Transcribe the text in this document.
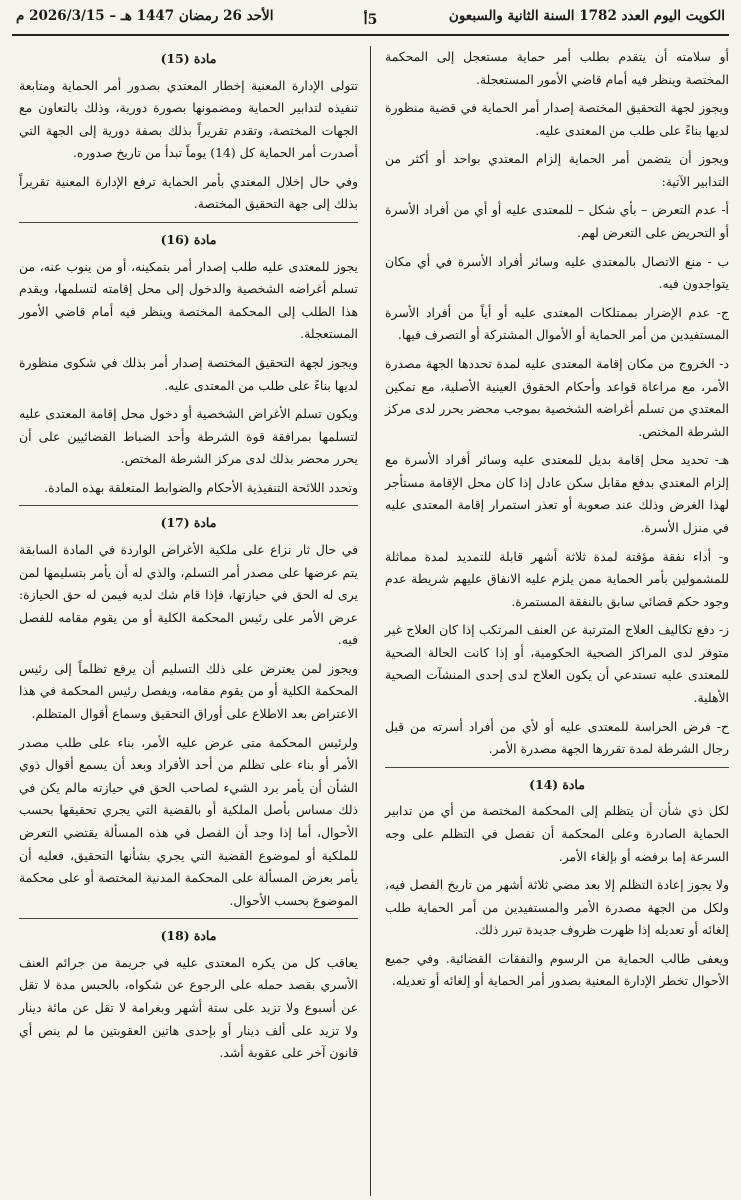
الكويت اليوم العدد 1782 السنة الثانية والسبعون
5أ
الأحد 26 رمضان 1447 هـ – 2026/3/15 م

أو سلامته أن يتقدم بطلب أمر حماية مستعجل إلى المحكمة المختصة وينظر فيه أمام قاضي الأمور المستعجلة.

ويجوز لجهة التحقيق المختصة إصدار أمر الحماية في قضية منظورة لديها بناءً على طلب من المعتدى عليه.

ويجوز أن يتضمن أمر الحماية إلزام المعتدي بواحد أو أكثر من التدابير الآتية:

أ- عدم التعرض – بأي شكل – للمعتدى عليه أو أي من أفراد الأسرة أو التحريض على التعرض لهم.

ب - منع الاتصال بالمعتدى عليه وسائر أفراد الأسرة في أي مكان يتواجدون فيه.

ج- عدم الإضرار بممتلكات المعتدى عليه أو أياً من أفراد الأسرة المستفيدين من أمر الحماية أو الأموال المشتركة أو التصرف فيها.

د- الخروج من مكان إقامة المعتدى عليه لمدة تحددها الجهة مصدرة الأمر، مع مراعاة قواعد وأحكام الحقوق العينية الأصلية، مع تمكين المعتدي من تسلم أغراضه الشخصية بموجب محضر يحرر لدى مركز الشرطة المختص.

هـ- تحديد محل إقامة بديل للمعتدى عليه وسائر أفراد الأسرة مع إلزام المعتدي بدفع مقابل سكن عادل إذا كان محل الإقامة مستأجر لهذا الغرض وذلك عند صعوبة أو تعذر استمرار إقامة المعتدى عليه في منزل الأسرة.

و- أداء نفقة مؤقتة لمدة ثلاثة أشهر قابلة للتمديد لمدة مماثلة للمشمولين بأمر الحماية ممن يلزم عليه الانفاق عليهم شريطة عدم وجود حكم قضائي سابق بالنفقة المستمرة.

ز- دفع تكاليف العلاج المترتبة عن العنف المرتكب إذا كان العلاج غير متوفر لدى المراكز الصحية الحكومية، أو إذا كانت الحالة الصحية للمعتدى عليه تستدعي أن يكون العلاج لدى إحدى المنشآت الصحية الأهلية.

ح- فرض الحراسة للمعتدى عليه أو لأي من أفراد أسرته من قبل رجال الشرطة لمدة تقررها الجهة مصدرة الأمر.

مادة (14)

لكل ذي شأن أن يتظلم إلى المحكمة المختصة من أي من تدابير الحماية الصادرة وعلى المحكمة أن تفصل في التظلم على وجه السرعة إما برفضه أو بإلغاء الأمر.

ولا يجوز إعادة التظلم إلا بعد مضي ثلاثة أشهر من تاريخ الفصل فيه، ولكل من الجهة مصدرة الأمر والمستفيدين من أمر الحماية طلب إلغائه أو تعديله إذا ظهرت ظروف جديدة تبرر ذلك.

ويعفى طالب الحماية من الرسوم والنفقات القضائية. وفي جميع الأحوال تخطر الإدارة المعنية بصدور أمر الحماية أو إلغائه أو تعديله.

مادة (15)

تتولى الإدارة المعنية إخطار المعتدي بصدور أمر الحماية ومتابعة تنفيذه لتدابير الحماية ومضمونها بصورة دورية، وذلك بالتعاون مع الجهات المختصة، وتقدم تقريراً بذلك بصفة دورية إلى الجهة التي أصدرت أمر الحماية كل (14) يوماً تبدأ من تاريخ صدوره.

وفي حال إخلال المعتدي بأمر الحماية ترفع الإدارة المعنية تقريراً بذلك إلى جهة التحقيق المختصة.

مادة (16)

يجوز للمعتدى عليه طلب إصدار أمر بتمكينه، أو من ينوب عنه، من تسلم أغراضه الشخصية والدخول إلى محل إقامته لتسلمها، ويقدم هذا الطلب إلى المحكمة المختصة وينظر فيه أمام قاضي الأمور المستعجلة.

ويجوز لجهة التحقيق المختصة إصدار أمر بذلك في شكوى منظورة لديها بناءً على طلب من المعتدى عليه.

ويكون تسلم الأغراض الشخصية أو دخول محل إقامة المعتدى عليه لتسلمها بمرافقة قوة الشرطة وأحد الضباط القضائيين على أن يحرر محضر بذلك لدى مركز الشرطة المختص.

وتحدد اللائحة التنفيذية الأحكام والضوابط المتعلقة بهذه المادة.

مادة (17)

في حال ثار نزاع على ملكية الأغراض الواردة في المادة السابقة يتم عرضها على مصدر أمر التسلم، والذي له أن يأمر بتسليمها لمن يرى له الحق في حيازتها، فإذا قام شك لديه فيمن له حق الحيازة: عرض الأمر على رئيس المحكمة الكلية أو من يقوم مقامه للفصل فيه.

ويجوز لمن يعترض على ذلك التسليم أن يرفع تظلماً إلى رئيس المحكمة الكلية أو من يقوم مقامه، ويفصل رئيس المحكمة في هذا الاعتراض بعد الاطلاع على أوراق التحقيق وسماع أقوال المتظلم.

ولرئيس المحكمة متى عرض عليه الأمر، بناء على طلب مصدر الأمر أو بناء على تظلم من أحد الأفراد وبعد أن يسمع أقوال ذوي الشأن أن يأمر برد الشيء لصاحب الحق في حيازته مالم يكن في ذلك مساس بأصل الملكية أو بالقضية التي يجري تحقيقها بحسب الأحوال، أما إذا وجد أن الفصل في هذه المسألة يقتضي التعرض للملكية أو لموضوع القضية التي يجري بشأنها التحقيق، فعليه أن يأمر بعرض المسألة على المحكمة المدنية المختصة أو على محكمة الموضوع بحسب الأحوال.

مادة (18)

يعاقب كل من يكره المعتدى عليه في جريمة من جرائم العنف الأسري بقصد حمله على الرجوع عن شكواه، بالحبس مدة لا تقل عن أسبوع ولا تزيد على ستة أشهر وبغرامة لا تقل عن مائة دينار ولا تزيد على ألف دينار أو بإحدى هاتين العقوبتين ما لم ينص أي قانون آخر على عقوبة أشد.
